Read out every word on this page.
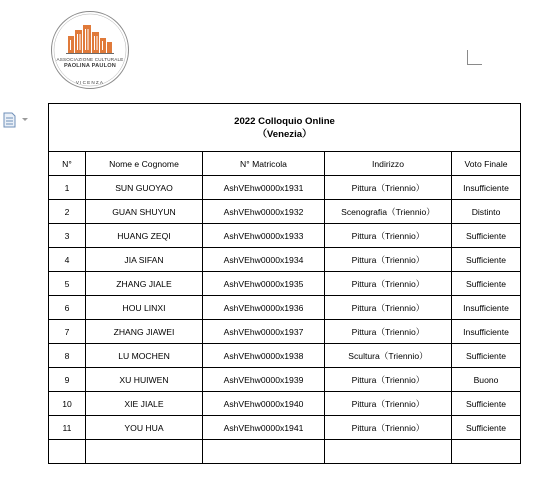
ASSOCIAZIONE CULTURALE
PAOLINA PAULON
VICENZA
2022 Colloquio Online
（Venezia）				

N°	Nome e Cognome	N° Matricola	Indirizzo	Voto Finale
1	SUN GUOYAO	AshVEhw0000x1931	Pittura（Triennio）	Insufficiente
2	GUAN SHUYUN	AshVEhw0000x1932	Scenografia（Triennio）	Distinto
3	HUANG ZEQI	AshVEhw0000x1933	Pittura（Triennio）	Sufficiente
4	JIA SIFAN	AshVEhw0000x1934	Pittura（Triennio）	Sufficiente
5	ZHANG JIALE	AshVEhw0000x1935	Pittura（Triennio）	Sufficiente
6	HOU LINXI	AshVEhw0000x1936	Pittura（Triennio）	Insufficiente
7	ZHANG JIAWEI	AshVEhw0000x1937	Pittura（Triennio）	Insufficiente
8	LU MOCHEN	AshVEhw0000x1938	Scultura（Triennio）	Sufficiente
9	XU HUIWEN	AshVEhw0000x1939	Pittura（Triennio）	Buono
10	XIE JIALE	AshVEhw0000x1940	Pittura（Triennio）	Sufficiente
11	YOU HUA	AshVEhw0000x1941	Pittura（Triennio）	Sufficiente
